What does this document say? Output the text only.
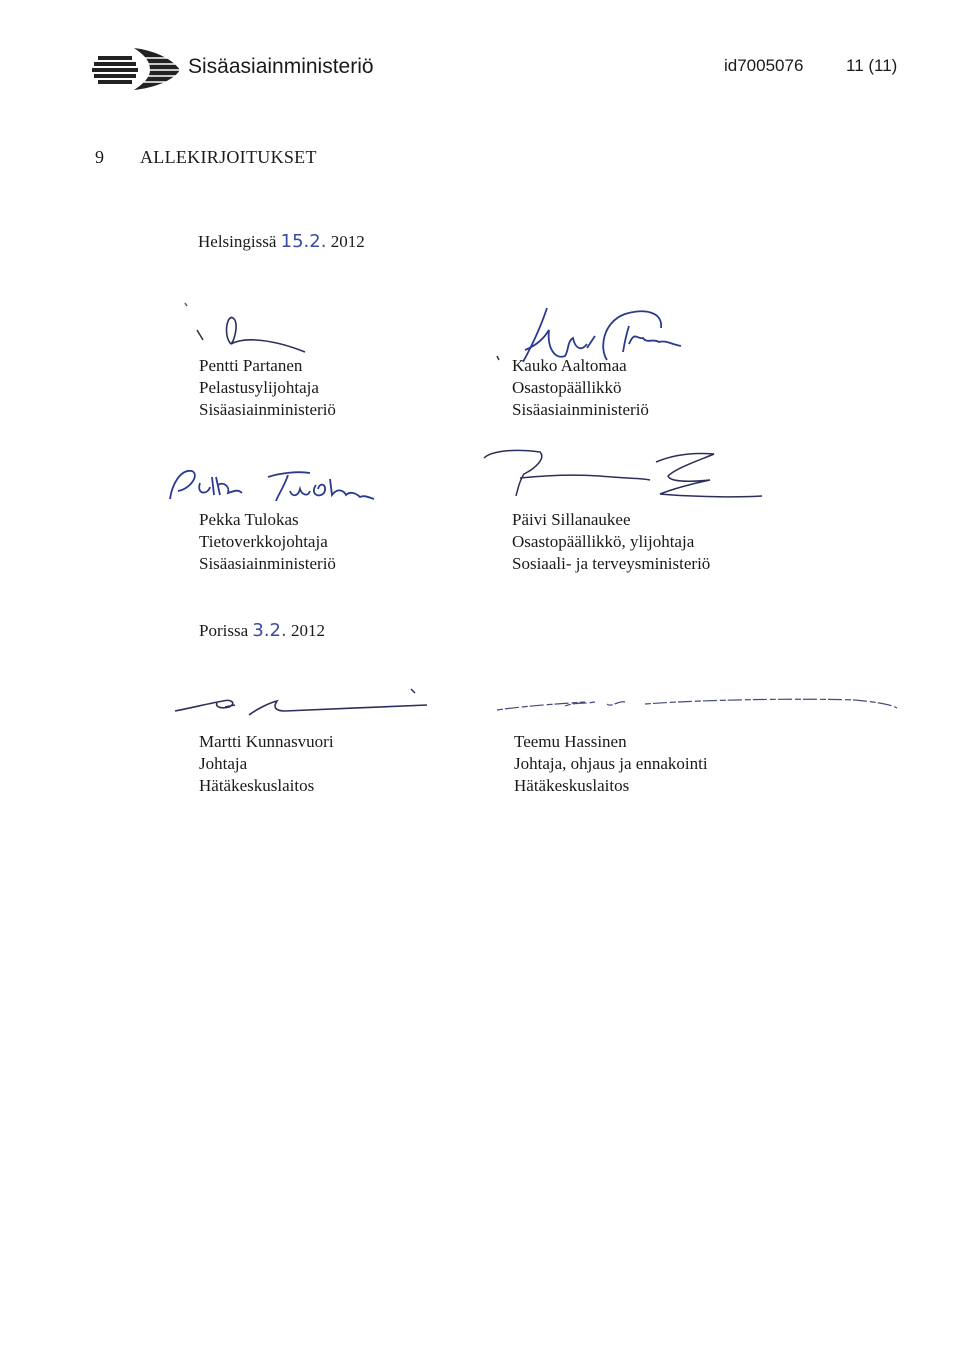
Sisäasiainministeriö	id7005076	11 (11)
9 ALLEKIRJOITUKSET
Helsingissä 15.2. 2012
Pentti Partanen
Pelastusylijohtaja
Sisäasiainministeriö
Kauko Aaltomaa
Osastopäällikkö
Sisäasiainministeriö
Pekka Tulokas
Tietoverkkojohtaja
Sisäasiainministeriö
Päivi Sillanaukee
Osastopäällikkö, ylijohtaja
Sosiaali- ja terveysministeriö
Porissa 3.2. 2012
Martti Kunnasvuori
Johtaja
Hätäkeskuslaitos
Teemu Hassinen
Johtaja, ohjaus ja ennakointi
Hätäkeskuslaitos
